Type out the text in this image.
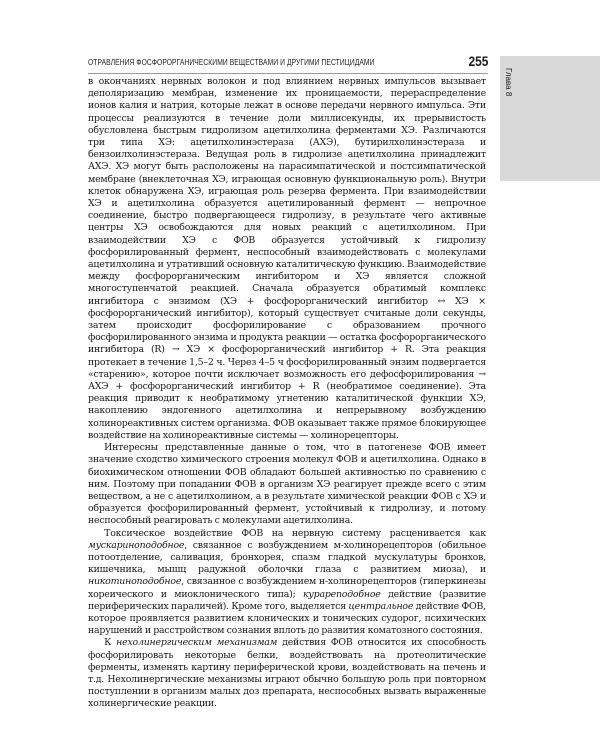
ОТРАВЛЕНИЯ ФОСФОРОРГАНИЧЕСКИМИ ВЕЩЕСТВАМИ И ДРУГИМИ ПЕСТИЦИДАМИ	255
Глава 8

в окончаниях нервных волокон и под влиянием нервных импульсов вызывает деполяризацию мембран, изменение их проницаемости, перераспределение ионов калия и натрия, которые лежат в основе передачи нервного импульса. Эти процессы реализуются в течение доли миллисекунды, их прерывистость обусловлена быстрым гидролизом ацетилхолина ферментами ХЭ. Различаются три типа ХЭ: ацетилхолинэстераза (АХЭ), бутирилхолинэстераза и бензоилхолинэстераза. Ведущая роль в гидролизе ацетилхолина принадлежит АХЭ. ХЭ могут быть расположены на парасимпатической и постсимпатической мембране (внеклеточная ХЭ, играющая основную функциональную роль). Внутри клеток обнаружена ХЭ, играющая роль резерва фермента. При взаимодействии ХЭ и ацетилхолина образуется ацетилированный фермент — непрочное соединение, быстро подвергающееся гидролизу, в результате чего активные центры ХЭ освобождаются для новых реакций с ацетилхолином. При взаимодействии ХЭ с ФОВ образуется устойчивый к гидролизу фосфорилированный фермент, неспособный взаимодействовать с молекулами ацетилхолина и утративший основную каталитическую функцию. Взаимодействие между фосфорорганическим ингибитором и ХЭ является сложной многоступенчатой реакцией. Сначала образуется обратимый комплекс ингибитора с энзимом (ХЭ + фосфорорганический ингибитор ↔ ХЭ × фосфорорганический ингибитор), который существует считаные доли секунды, затем происходит фосфорилирование с образованием прочного фосфорилированного энзима и продукта реакции — остатка фосфорорганического ингибитора (R) → ХЭ × фосфорорганический ингибитор + R. Эта реакция протекает в течение 1,5–2 ч. Через 4–5 ч фосфорилированный энзим подвергается «старению», которое почти исключает возможность его дефосфорилирования → АХЭ + фосфорорганический ингибитор + R (необратимое соединение). Эта реакция приводит к необратимому угнетению каталитической функции ХЭ, накоплению эндогенного ацетилхолина и непрерывному возбуждению холинореактивных систем организма. ФОВ оказывает также прямое блокирующее воздействие на холинореактивные системы — холинорецепторы.

Интересны представленные данные о том, что в патогенезе ФОВ имеет значение сходство химического строения молекул ФОВ и ацетилхолина. Однако в биохимическом отношении ФОВ обладают большей активностью по сравнению с ним. Поэтому при попадании ФОВ в организм ХЭ реагирует прежде всего с этим веществом, а не с ацетилхолином, а в результате химической реакции ФОВ с ХЭ и образуется фосфорилированный фермент, устойчивый к гидролизу, и потому неспособный реагировать с молекулами ацетилхолина.

Токсическое воздействие ФОВ на нервную систему расценивается как мускариноподобное, связанное с возбуждением м-холинорецепторов (обильное потоотделение, саливация, бронхорея, спазм гладкой мускулатуры бронхов, кишечника, мышц радужной оболочки глаза с развитием миоза), и никотиноподобное, связанное с возбуждением н-холинорецепторов (гиперкинезы хореического и миоклонического типа); курареподобное действие (развитие периферических параличей). Кроме того, выделяется центральное действие ФОВ, которое проявляется развитием клонических и тонических судорог, психических нарушений и расстройством сознания вплоть до развития коматозного состояния.

К нехолинергическим механизмам действия ФОВ относится их способность фосфорилировать некоторые белки, воздействовать на протеолитические ферменты, изменять картину периферической крови, воздействовать на печень и т.д. Нехолинергические механизмы играют обычно большую роль при повторном поступлении в организм малых доз препарата, неспособных вызвать выраженные холинергические реакции.
